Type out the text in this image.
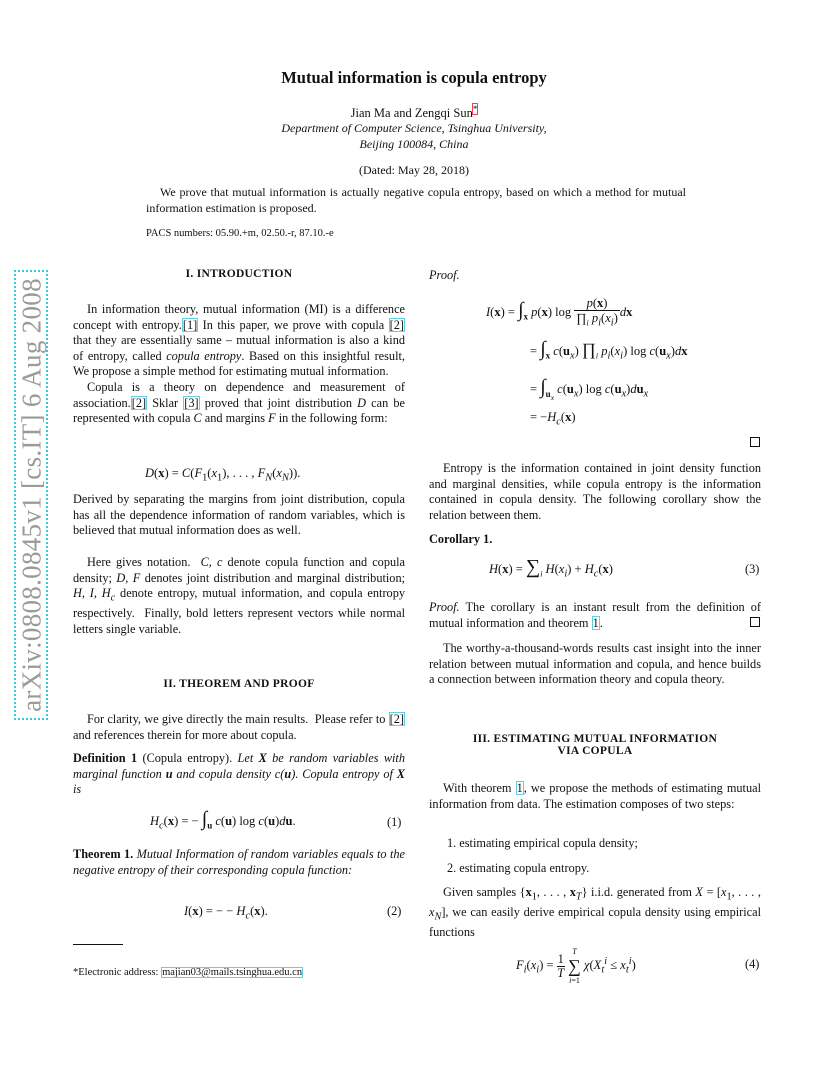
arXiv:0808.0845v1 [cs.IT] 6 Aug 2008
Mutual information is copula entropy
Jian Ma and Zengqi Sun*
Department of Computer Science, Tsinghua University,
Beijing 100084, China
(Dated: May 28, 2018)
We prove that mutual information is actually negative copula entropy, based on which a method for mutual information estimation is proposed.
PACS numbers: 05.90.+m, 02.50.-r, 87.10.-e
I. INTRODUCTION
In information theory, mutual information (MI) is a difference concept with entropy.[1] In this paper, we prove with copula [2] that they are essentially same – mutual information is also a kind of entropy, called copula entropy. Based on this insightful result, We propose a simple method for estimating mutual information.
Copula is a theory on dependence and measurement of association.[2] Sklar [3] proved that joint distribution D can be represented with copula C and margins F in the following form:
$D(x) = C(F_1(x_1)$, . . . , $F_N(x_N)$).
Derived by separating the margins from joint distribution, copula has all the dependence information of random variables, which is believed that mutual information does as well.
Here gives notation.  C, c denote copula function and copula density; D, F denotes joint distribution and marginal distribution; H, I, $H_c$ denote entropy, mutual information, and copula entropy respectively.  Finally, bold letters represent vectors while normal letters single variable.
II. THEOREM AND PROOF
For clarity, we give directly the main results.  Please refer to [2] and references therein for more about copula.
Definition 1 (Copula entropy). Let X be random variables with marginal function u and copula density c(u). Copula entropy of X is
$H_c(x)$ = − $\int_u$ c(u) log c(u)du.	(1)
Theorem 1. Mutual Information of random variables equals to the negative entropy of their corresponding copula function:
I(x) = − − $H_c(x)$.	(2)
*Electronic address: majian03@mails.tsinghua.edu.cn
Proof.
$I(x) = \int_x$ p(x) $\log \frac{p(x)}{\prod_i p_i(x_i)}$ dx
= $\int_x$ $c(u_x)$ $\prod_i$ $p_i(x_i)$ $\log c(u_x)dx$
= $\int_{u_x}$ $c(u_x)$ $\log c(u_x)du_x$
= $-H_c(x)$
Entropy is the information contained in joint density function and marginal densities, while copula entropy is the information contained in copula density. The following corollary show the relation between them.
Corollary 1.
$H(x) = \sum_i$ $H(x_i) + H_c(x)$	(3)
Proof. The corollary is an instant result from the definition of mutual information and theorem 1.
The worthy-a-thousand-words results cast insight into the inner relation between mutual information and copula, and hence builds a connection between information theory and copula theory.
III. ESTIMATING MUTUAL INFORMATION
VIA COPULA
With theorem 1, we propose the methods of estimating mutual information from data. The estimation composes of two steps:
1. estimating empirical copula density;
2. estimating copula entropy.
Given samples {$x_1$, . . . , $x_T$} i.i.d. generated from $X = [x_1$, . . . , $x_N$], we can easily derive empirical copula density using empirical functions
$F_i(x_i) = \frac{1}{T}$

T
∑
i=1
$\chi(X_t^i \le x_t^i)$	(4)
